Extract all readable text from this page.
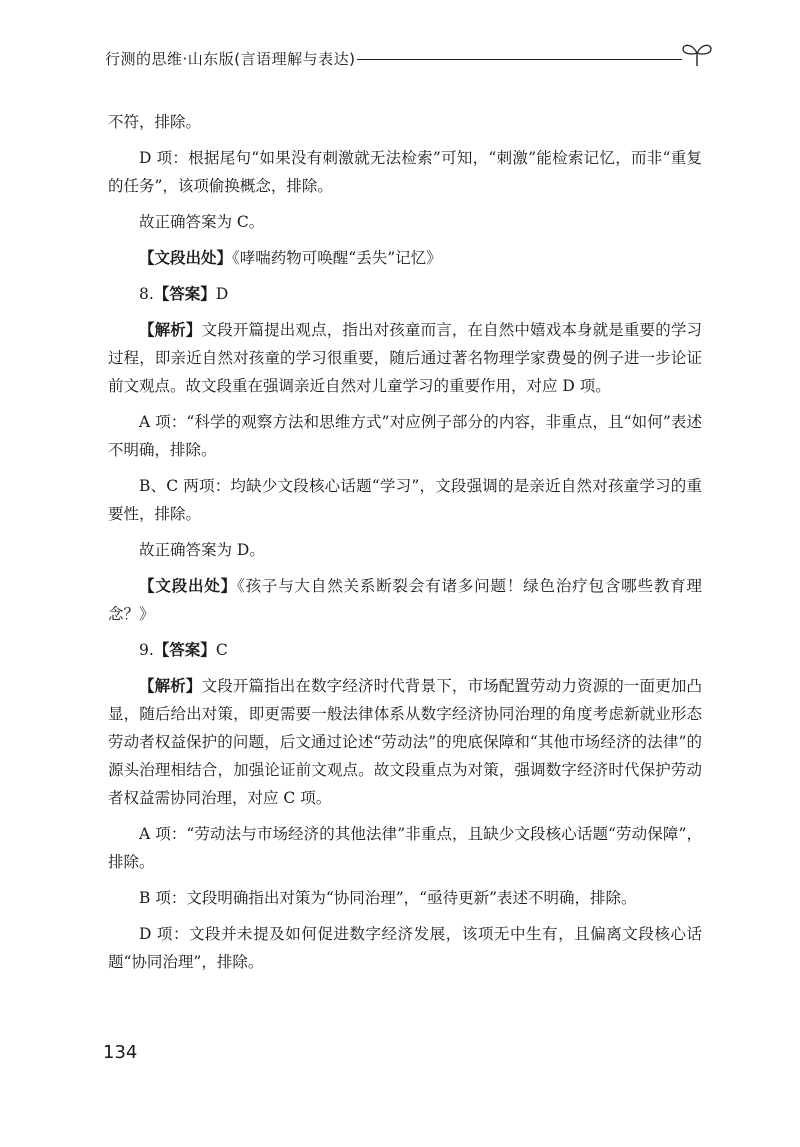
行测的思维·山东版(言语理解与表达)

不符，排除。

D 项：根据尾句“如果没有刺激就无法检索”可知，“刺激”能检索记忆，而非“重复的任务”，该项偷换概念，排除。

故正确答案为 C。

【文段出处】《哮喘药物可唤醒“丢失”记忆》

8.【答案】D

【解析】文段开篇提出观点，指出对孩童而言，在自然中嬉戏本身就是重要的学习过程，即亲近自然对孩童的学习很重要，随后通过著名物理学家费曼的例子进一步论证前文观点。故文段重在强调亲近自然对儿童学习的重要作用，对应 D 项。

A 项：“科学的观察方法和思维方式”对应例子部分的内容，非重点，且“如何”表述不明确，排除。

B、C 两项：均缺少文段核心话题“学习”，文段强调的是亲近自然对孩童学习的重要性，排除。

故正确答案为 D。

【文段出处】《孩子与大自然关系断裂会有诸多问题！绿色治疗包含哪些教育理念？》

9.【答案】C

【解析】文段开篇指出在数字经济时代背景下，市场配置劳动力资源的一面更加凸显，随后给出对策，即更需要一般法律体系从数字经济协同治理的角度考虑新就业形态劳动者权益保护的问题，后文通过论述“劳动法”的兜底保障和“其他市场经济的法律”的源头治理相结合，加强论证前文观点。故文段重点为对策，强调数字经济时代保护劳动者权益需协同治理，对应 C 项。

A 项：“劳动法与市场经济的其他法律”非重点，且缺少文段核心话题“劳动保障”，排除。

B 项：文段明确指出对策为“协同治理”，“亟待更新”表述不明确，排除。

D 项：文段并未提及如何促进数字经济发展，该项无中生有，且偏离文段核心话题“协同治理”，排除。

134
